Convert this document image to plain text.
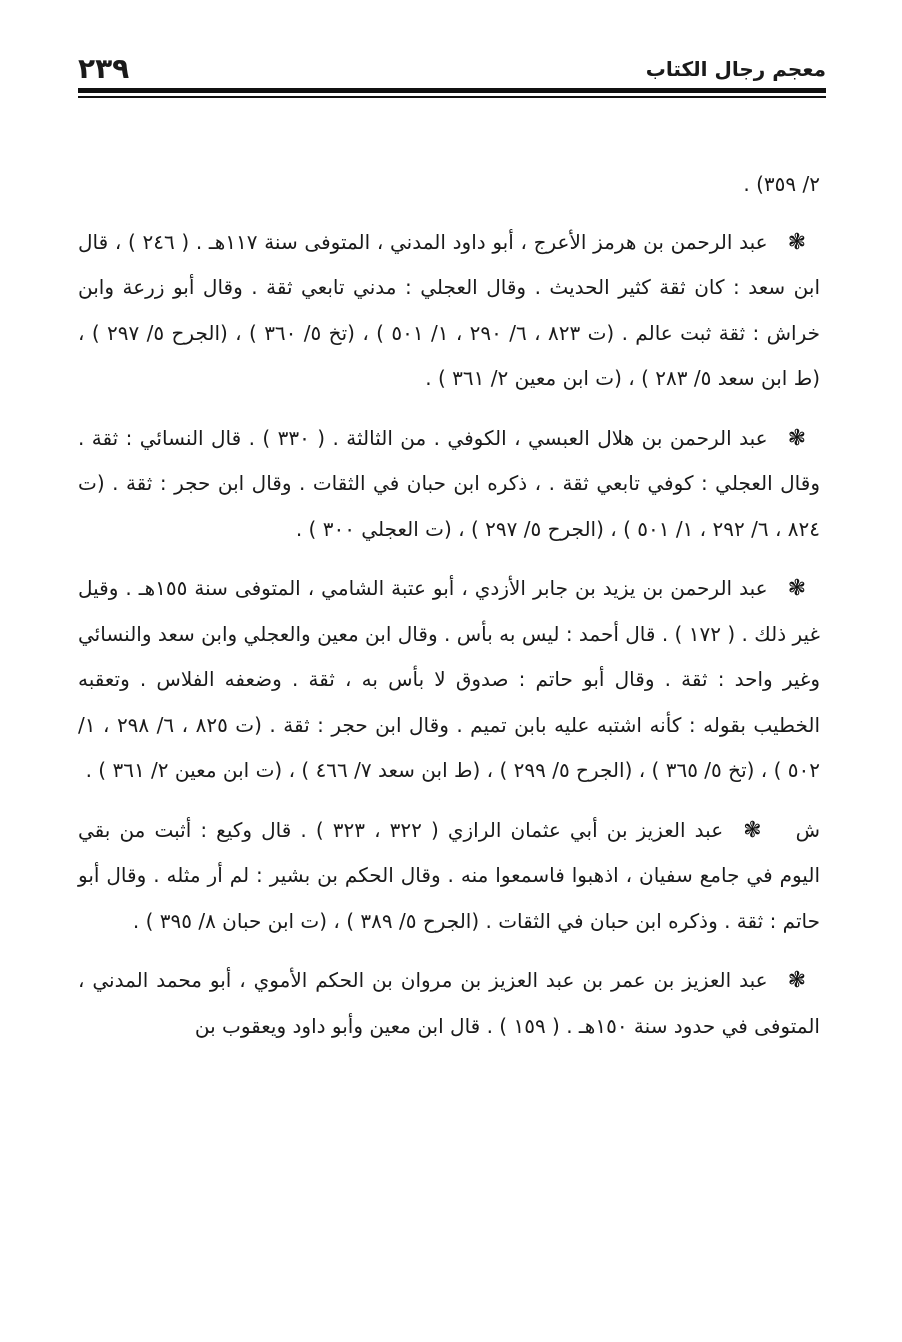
٢٣٩	معجم رجال الكتاب

٢/ ٣٥٩) .

❃عبد الرحمن بن هرمز الأعرج ، أبو داود المدني ، المتوفى سنة ١١٧هـ . ( ٢٤٦ ) ، قال ابن سعد : كان ثقة كثير الحديث . وقال العجلي : مدني تابعي ثقة . وقال أبو زرعة وابن خراش : ثقة ثبت عالم . (ت ٨٢٣ ، ٦/ ٢٩٠ ، ١/ ٥٠١ ) ، (تخ ٥/ ٣٦٠ ) ، (الجرح ٥/ ٢٩٧ ) ، (ط ابن سعد ٥/ ٢٨٣ ) ، (ت ابن معين ٢/ ٣٦١ ) .

❃عبد الرحمن بن هلال العبسي ، الكوفي . من الثالثة . ( ٣٣٠ ) . قال النسائي : ثقة . وقال العجلي : كوفي تابعي ثقة . ، ذكره ابن حبان في الثقات . وقال ابن حجر : ثقة . (ت ٨٢٤ ، ٦/ ٢٩٢ ، ١/ ٥٠١ ) ، (الجرح ٥/ ٢٩٧ ) ، (ت العجلي ٣٠٠ ) .

❃عبد الرحمن بن يزيد بن جابر الأزدي ، أبو عتبة الشامي ، المتوفى سنة ١٥٥هـ . وقيل غير ذلك . ( ١٧٢ ) . قال أحمد : ليس به بأس . وقال ابن معين والعجلي وابن سعد والنسائي وغير واحد : ثقة . وقال أبو حاتم : صدوق لا بأس به ، ثقة . وضعفه الفلاس . وتعقبه الخطيب بقوله : كأنه اشتبه عليه بابن تميم . وقال ابن حجر : ثقة . (ت ٨٢٥ ، ٦/ ٢٩٨ ، ١/ ٥٠٢ ) ، (تخ ٥/ ٣٦٥ ) ، (الجرح ٥/ ٢٩٩ ) ، (ط ابن سعد ٧/ ٤٦٦ ) ، (ت ابن معين ٢/ ٣٦١ ) .

ش❃عبد العزيز بن أبي عثمان الرازي ( ٣٢٢ ، ٣٢٣ ) . قال وكيع : أثبت من بقي اليوم في جامع سفيان ، اذهبوا فاسمعوا منه . وقال الحكم بن بشير : لم أر مثله . وقال أبو حاتم : ثقة . وذكره ابن حبان في الثقات . (الجرح ٥/ ٣٨٩ ) ، (ت ابن حبان ٨/ ٣٩٥ ) .

❃عبد العزيز بن عمر بن عبد العزيز بن مروان بن الحكم الأموي ، أبو محمد المدني ، المتوفى في حدود سنة ١٥٠هـ . ( ١٥٩ ) . قال ابن معين وأبو داود ويعقوب بن
